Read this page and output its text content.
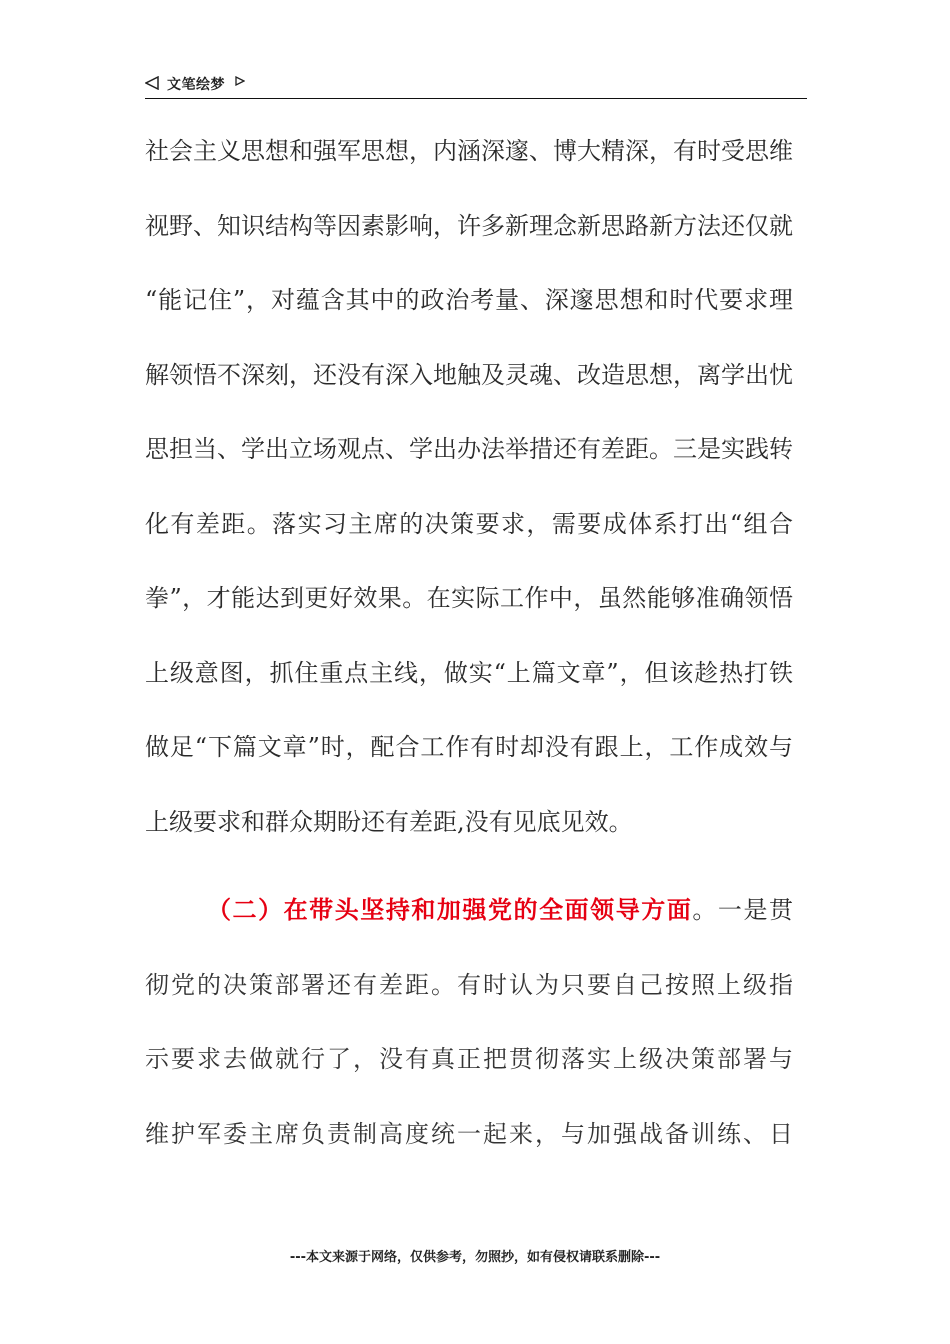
文笔绘梦
社会主义思想和强军思想，内涵深邃、博大精深，有时受思维
视野、知识结构等因素影响，许多新理念新思路新方法还仅就
“能记住”，对蕴含其中的政治考量、深邃思想和时代要求理
解领悟不深刻，还没有深入地触及灵魂、改造思想，离学出忧
思担当、学出立场观点、学出办法举措还有差距。三是实践转
化有差距。落实习主席的决策要求，需要成体系打出“组合
拳”，才能达到更好效果。在实际工作中，虽然能够准确领悟
上级意图，抓住重点主线，做实“上篇文章”，但该趁热打铁
做足“下篇文章”时，配合工作有时却没有跟上，工作成效与
上级要求和群众期盼还有差距,没有见底见效。
（二）在带头坚持和加强党的全面领导方面。一是贯
彻党的决策部署还有差距。有时认为只要自己按照上级指
示要求去做就行了，没有真正把贯彻落实上级决策部署与
维护军委主席负责制高度统一起来，与加强战备训练、日
---本文来源于网络，仅供参考，勿照抄，如有侵权请联系删除---
